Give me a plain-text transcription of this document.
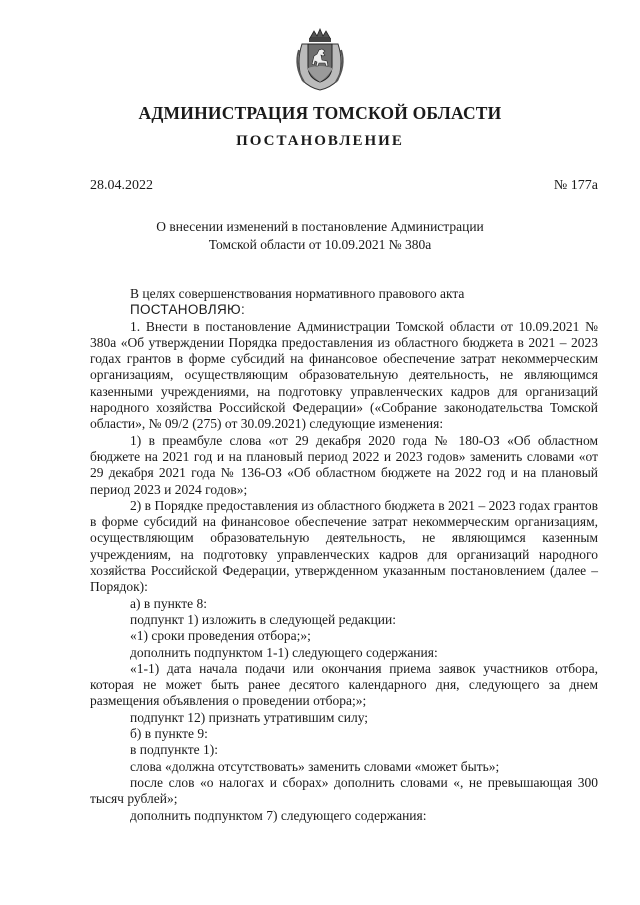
АДМИНИСТРАЦИЯ ТОМСКОЙ ОБЛАСТИ
ПОСТАНОВЛЕНИЕ
28.04.2022	№ 177а
О внесении изменений в постановление Администрации
Томской области от 10.09.2021 № 380а

В целях совершенствования нормативного правового акта

ПОСТАНОВЛЯЮ:

1. Внести в постановление Администрации Томской области от 10.09.2021 № 380а «Об утверждении Порядка предоставления из областного бюджета в 2021 – 2023 годах грантов в форме субсидий на финансовое обеспечение затрат некоммерческим организациям, осуществляющим образовательную деятельность, не являющимся казенными учреждениями, на подготовку управленческих кадров для организаций народного хозяйства Российской Федерации» («Собрание законодательства Томской области», № 09/2 (275) от 30.09.2021) следующие изменения:

1) в преамбуле слова «от 29 декабря 2020 года № 180-ОЗ «Об областном бюджете на 2021 год и на плановый период 2022 и 2023 годов» заменить словами «от 29 декабря 2021 года № 136-ОЗ «Об областном бюджете на 2022 год и на плановый период 2023 и 2024 годов»;

2) в Порядке предоставления из областного бюджета в 2021 – 2023 годах грантов в форме субсидий на финансовое обеспечение затрат некоммерческим организациям, осуществляющим образовательную деятельность, не являющимся казенным учреждениям, на подготовку управленческих кадров для организаций народного хозяйства Российской Федерации, утвержденном указанным постановлением (далее – Порядок):

а) в пункте 8:

подпункт 1) изложить в следующей редакции:

«1) сроки проведения отбора;»;

дополнить подпунктом 1-1) следующего содержания:

«1-1) дата начала подачи или окончания приема заявок участников отбора, которая не может быть ранее десятого календарного дня, следующего за днем размещения объявления о проведении отбора;»;

подпункт 12) признать утратившим силу;

б) в пункте 9:

в подпункте 1):

слова «должна отсутствовать» заменить словами «может быть»;

после слов «о налогах и сборах» дополнить словами «, не превышающая 300 тысяч рублей»;

дополнить подпунктом 7) следующего содержания:
